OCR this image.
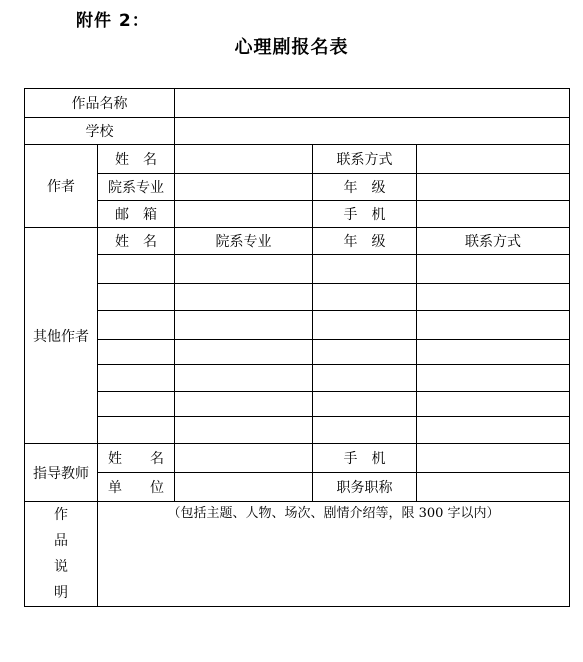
附件 2：
心理剧报名表
作品名称				
学校				
作者	姓　名		联系方式	
	院系专业		年　级	
	邮　箱		手　机	
其他作者	姓　名	院系专业	年　级	联系方式

指导教师	姓　　名		手　机	
	单　　位		职务职称	

作
品
说
明	（包括主题、人物、场次、剧情介绍等，限 300 字以内）			
